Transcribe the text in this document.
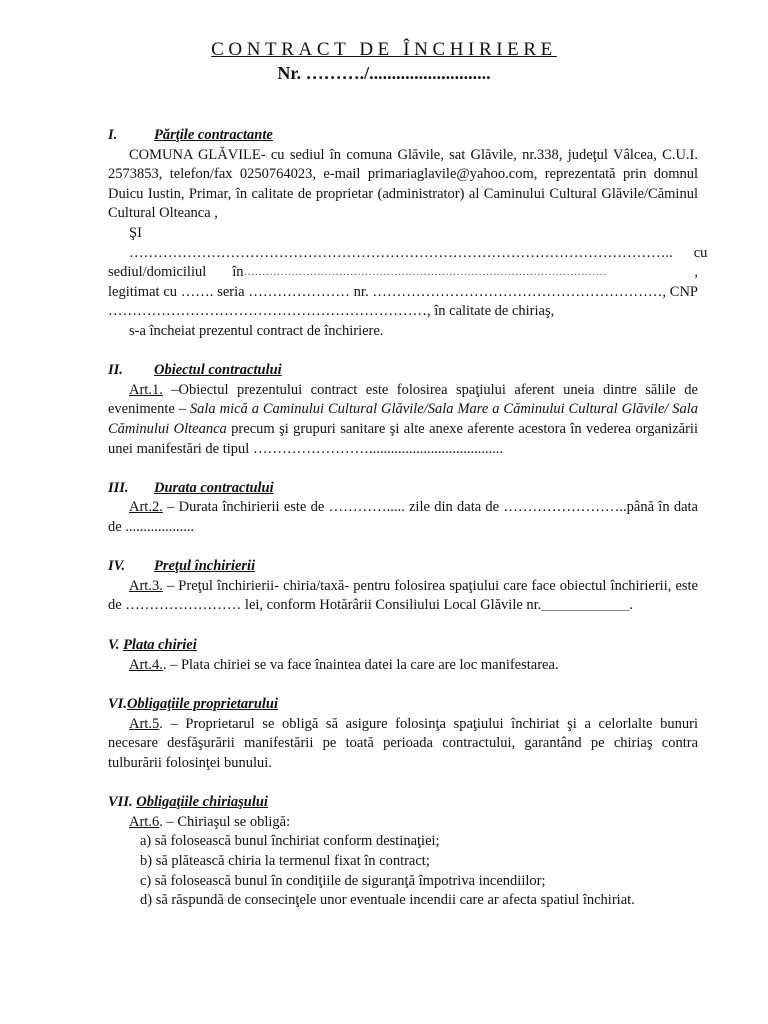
CONTRACT DE ÎNCHIRIERE
Nr. ………./...........................

I.	Părţile contractante

COMUNA GLĂVILE- cu sediul în comuna Glăvile, sat Glăvile, nr.338, judeţul Vâlcea, C.U.I. 2573853, telefon/fax 0250764023, e-mail primariaglavile@yahoo.com, reprezentată prin domnul Duicu Iustin, Primar, în calitate de proprietar (administrator) al Caminului Cultural Glăvile/Căminul Cultural Olteanca ,

ŞI

…………………………………………………………………………………………………..	cu

sediul/domiciliul în ………………………………………………………………………………………	,

legitimat cu ……. seria ………………… nr. ……………………………………………………, CNP

…………………………………………………………, în calitate de chiriaş,

s-a încheiat prezentul contract de închiriere.

II. Obiectul contractului

Art.1. –Obiectul prezentului contract este folosirea spaţiului aferent uneia dintre sălile de evenimente – Sala mică a Caminului Cultural Glăvile/Sala Mare a Căminului Cultural Glăvile/ Sala Căminului Olteanca precum şi grupuri sanitare şi alte anexe aferente acestora în vederea organizării unei manifestări de tipul …………………….....................................

III. Durata contractului

Art.2. – Durata închirierii este de …………..... zile din data de ……………………..până în data de ...................

IV. Preţul închirierii

Art.3. – Preţul închirierii- chiria/taxă- pentru folosirea spaţiului care face obiectul închirierii, este de …………………… lei, conform Hotărârii Consiliului Local Glăvile nr.________________.

V. Plata chiriei

Art.4.. – Plata chiriei se va face înaintea datei la care are loc manifestarea.

VI.Obligaţiile proprietarului

Art.5. – Proprietarul se obligă să asigure folosinţa spaţiului închiriat şi a celorlalte bunuri necesare desfăşurării manifestării pe toată perioada contractului, garantând pe chiriaş contra tulburării folosinţei bunului.

VII. Obligaţiile chiriaşului

Art.6. – Chiriaşul se obligă:

a) să folosească bunul închiriat conform destinaţiei;

b) să plătească chiria la termenul fixat în contract;

c) să folosească bunul în condiţiile de siguranţă împotriva incendiilor;

d) să răspundă de consecinţele unor eventuale incendii care ar afecta spatiul închiriat.
